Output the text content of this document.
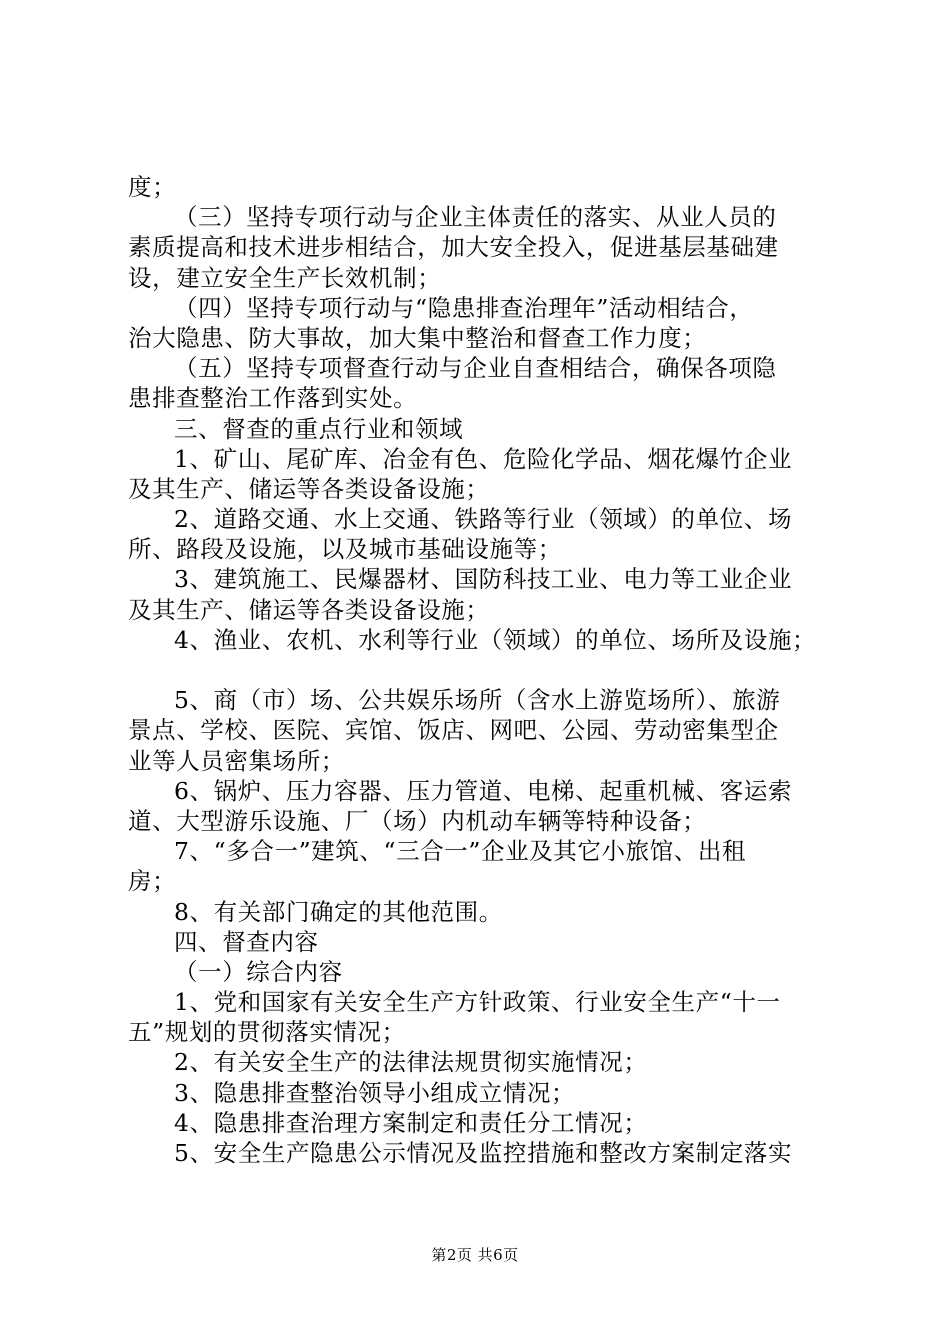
度；
（三）坚持专项行动与企业主体责任的落实、从业人员的
素质提高和技术进步相结合，加大安全投入，促进基层基础建
设，建立安全生产长效机制；
（四）坚持专项行动与“隐患排查治理年”活动相结合，
治大隐患、防大事故，加大集中整治和督查工作力度；
（五）坚持专项督查行动与企业自查相结合，确保各项隐
患排查整治工作落到实处。
三、督查的重点行业和领域
1、矿山、尾矿库、冶金有色、危险化学品、烟花爆竹企业
及其生产、储运等各类设备设施；
2、道路交通、水上交通、铁路等行业（领域）的单位、场
所、路段及设施，以及城市基础设施等；
3、建筑施工、民爆器材、国防科技工业、电力等工业企业
及其生产、储运等各类设备设施；
4、渔业、农机、水利等行业（领域）的单位、场所及设施；
5、商（市）场、公共娱乐场所（含水上游览场所）、旅游
景点、学校、医院、宾馆、饭店、网吧、公园、劳动密集型企
业等人员密集场所；
6、锅炉、压力容器、压力管道、电梯、起重机械、客运索
道、大型游乐设施、厂（场）内机动车辆等特种设备；
7、“多合一”建筑、“三合一”企业及其它小旅馆、出租
房；
8、有关部门确定的其他范围。
四、督查内容
（一）综合内容
1、党和国家有关安全生产方针政策、行业安全生产“十一
五”规划的贯彻落实情况；
2、有关安全生产的法律法规贯彻实施情况；
3、隐患排查整治领导小组成立情况；
4、隐患排查治理方案制定和责任分工情况；
5、安全生产隐患公示情况及监控措施和整改方案制定落实
第2页 共6页
